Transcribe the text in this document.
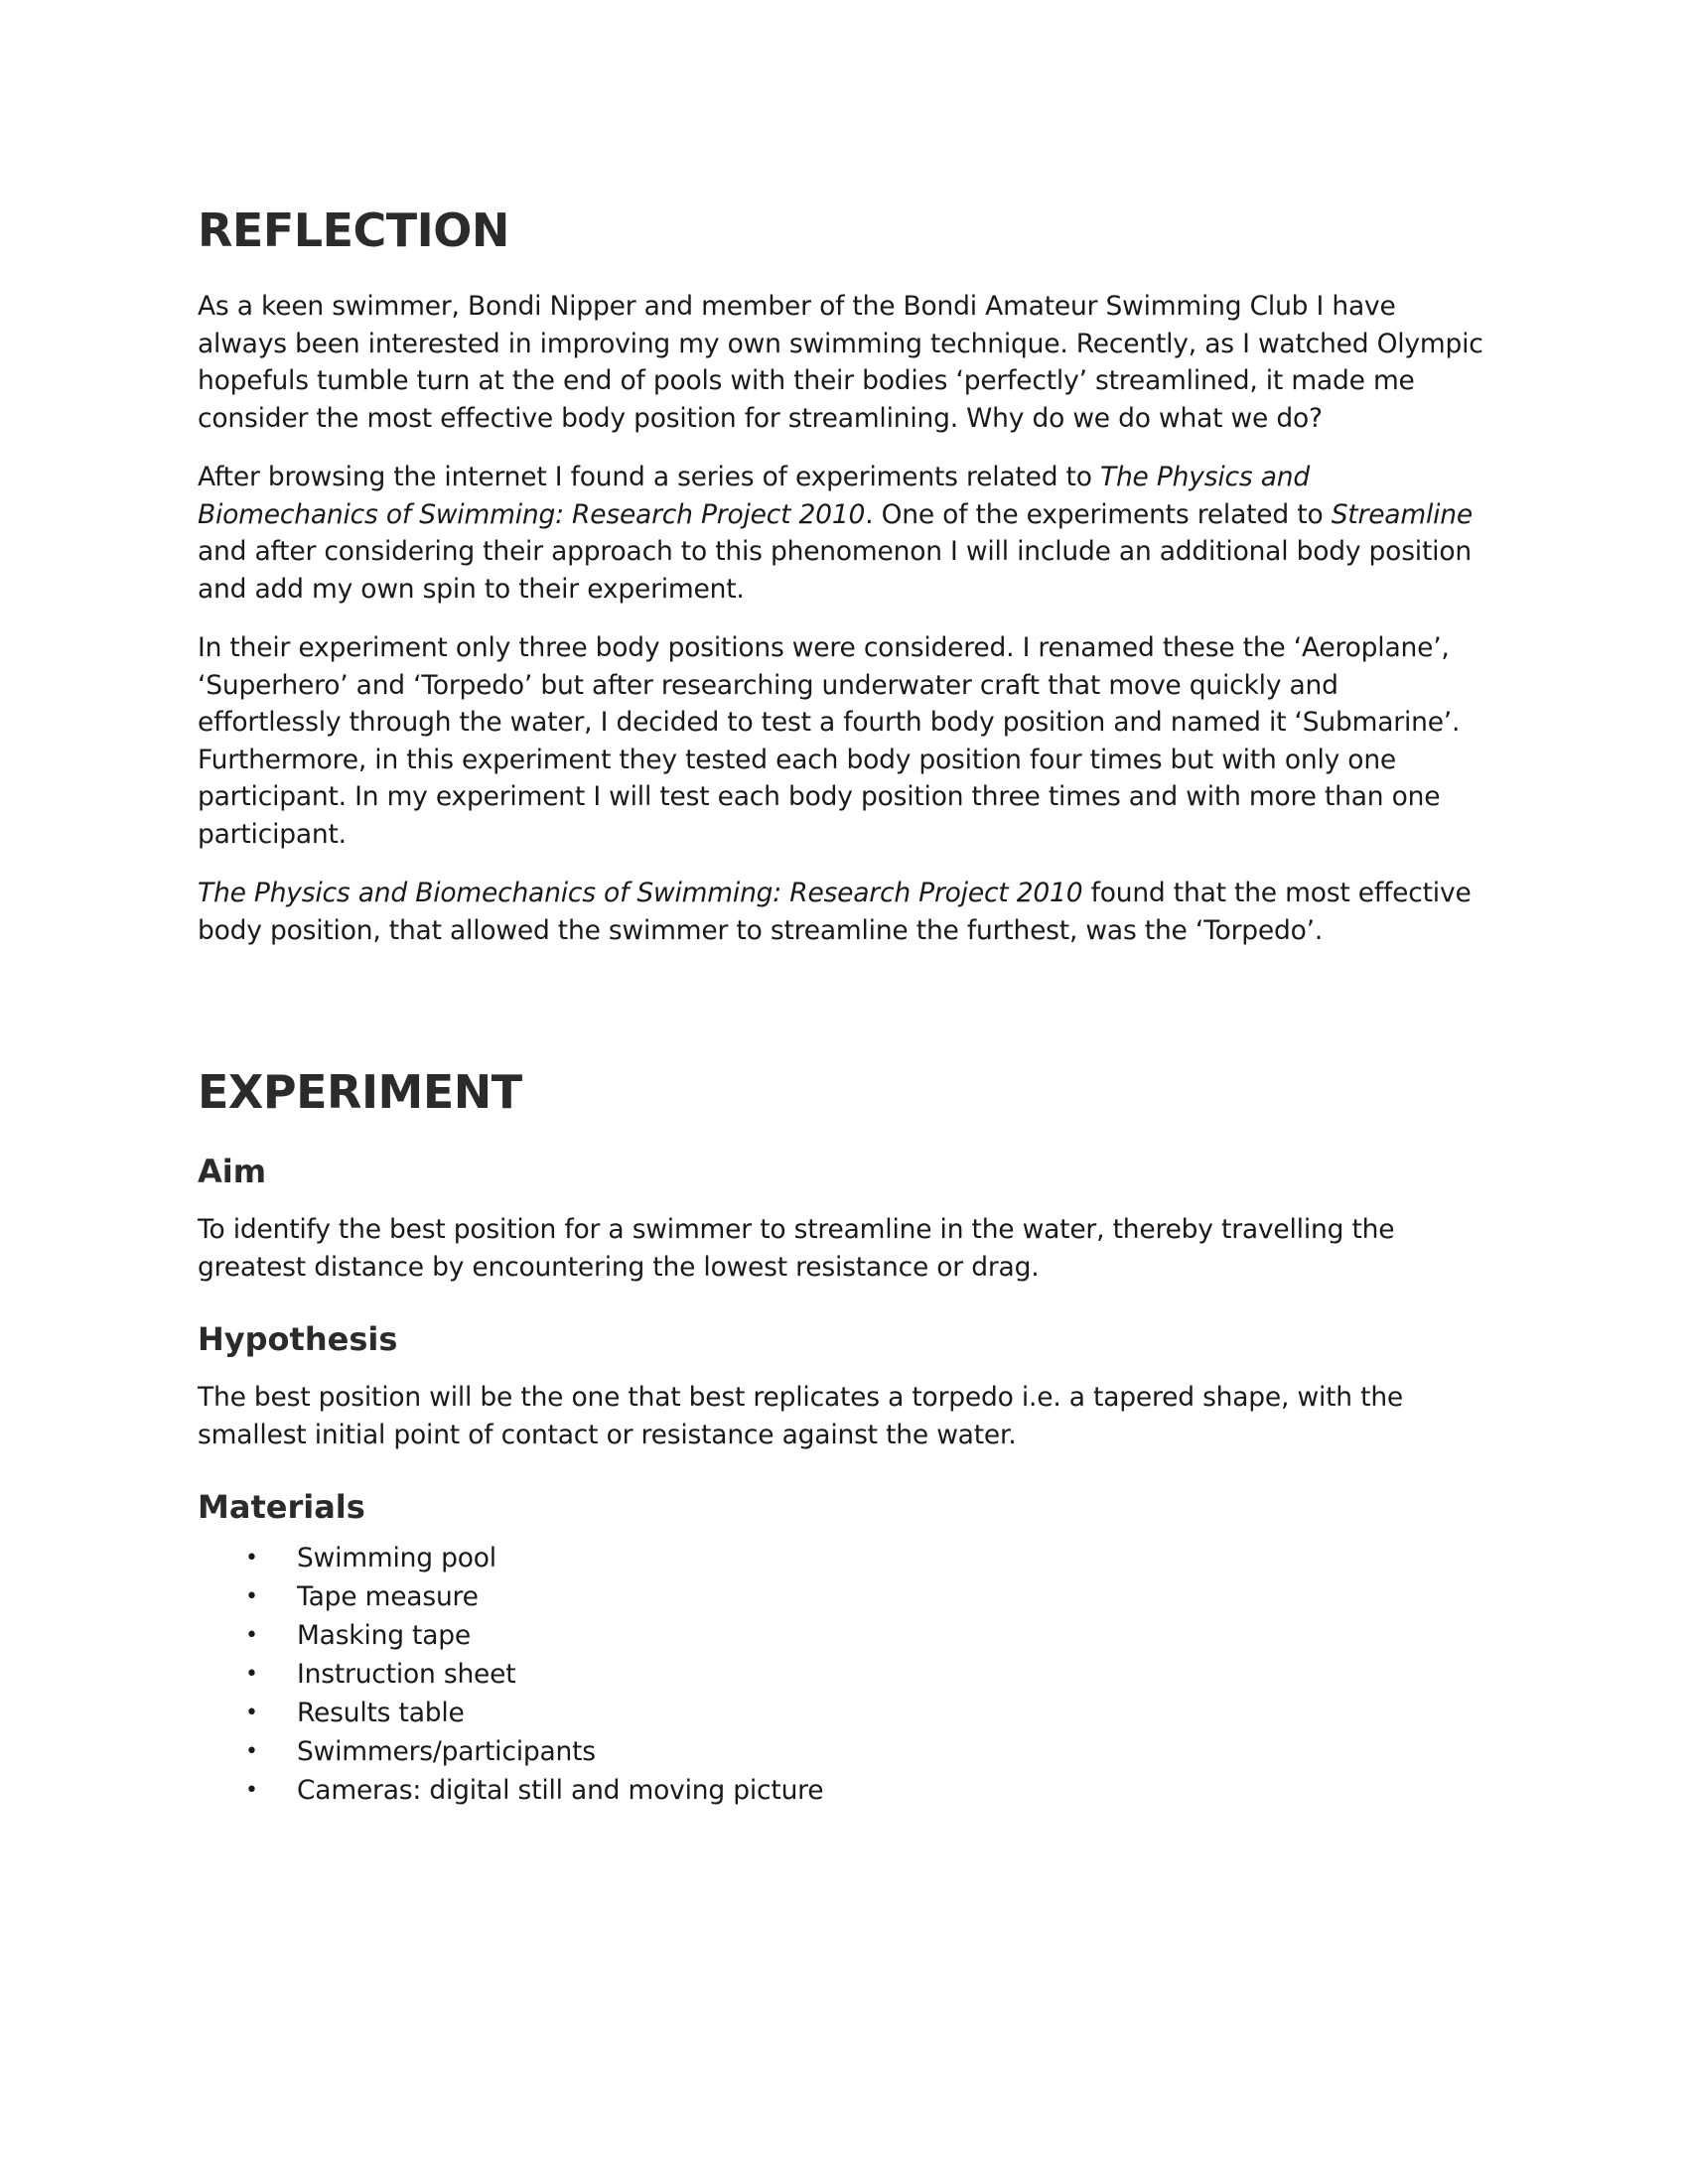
REFLECTION

As a keen swimmer, Bondi Nipper and member of the Bondi Amateur Swimming Club I have always been interested in improving my own swimming technique. Recently, as I watched Olympic hopefuls tumble turn at the end of pools with their bodies ‘perfectly’ streamlined, it made me consider the most effective body position for streamlining. Why do we do what we do?

After browsing the internet I found a series of experiments related to The Physics and Biomechanics of Swimming: Research Project 2010. One of the experiments related to Streamline and after considering their approach to this phenomenon I will include an additional body position and add my own spin to their experiment.

In their experiment only three body positions were considered. I renamed these the ‘Aeroplane’, ‘Superhero’ and ‘Torpedo’ but after researching underwater craft that move quickly and effortlessly through the water, I decided to test a fourth body position and named it ‘Submarine’. Furthermore, in this experiment they tested each body position four times but with only one participant. In my experiment I will test each body position three times and with more than one participant.

The Physics and Biomechanics of Swimming: Research Project 2010 found that the most effective body position, that allowed the swimmer to streamline the furthest, was the ‘Torpedo’.

EXPERIMENT
Aim

To identify the best position for a swimmer to streamline in the water, thereby travelling the greatest distance by encountering the lowest resistance or drag.

Hypothesis

The best position will be the one that best replicates a torpedo i.e. a tapered shape, with the smallest initial point of contact or resistance against the water.

Materials
• Swimming pool
• Tape measure
• Masking tape
• Instruction sheet
• Results table
• Swimmers/participants
• Cameras: digital still and moving picture
